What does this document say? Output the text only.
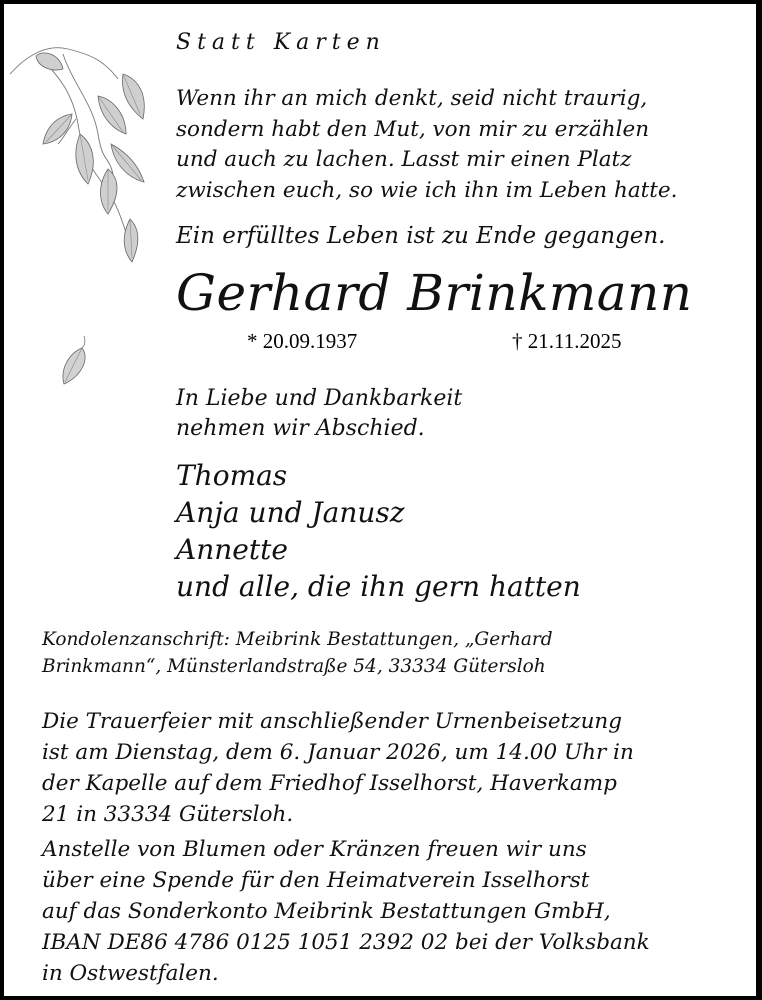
Statt Karten
Wenn ihr an mich denkt, seid nicht traurig,
sondern habt den Mut, von mir zu erzählen
und auch zu lachen. Lasst mir einen Platz
zwischen euch, so wie ich ihn im Leben hatte.
Ein erfülltes Leben ist zu Ende gegangen.
Gerhard Brinkmann
* 20.09.1937	† 21.11.2025
In Liebe und Dankbarkeit
nehmen wir Abschied.
Thomas
Anja und Janusz
Annette
und alle, die ihn gern hatten
Kondolenzanschrift: Meibrink Bestattungen, „Gerhard
Brinkmann“, Münsterlandstraße 54, 33334 Gütersloh
Die Trauerfeier mit anschließender Urnenbeisetzung
ist am Dienstag, dem 6. Januar 2026, um 14.00 Uhr in
der Kapelle auf dem Friedhof Isselhorst, Haverkamp
21 in 33334 Gütersloh.
Anstelle von Blumen oder Kränzen freuen wir uns
über eine Spende für den Heimatverein Isselhorst
auf das Sonderkonto Meibrink Bestattungen GmbH,
IBAN DE86 4786 0125 1051 2392 02 bei der Volksbank
in Ostwestfalen.
